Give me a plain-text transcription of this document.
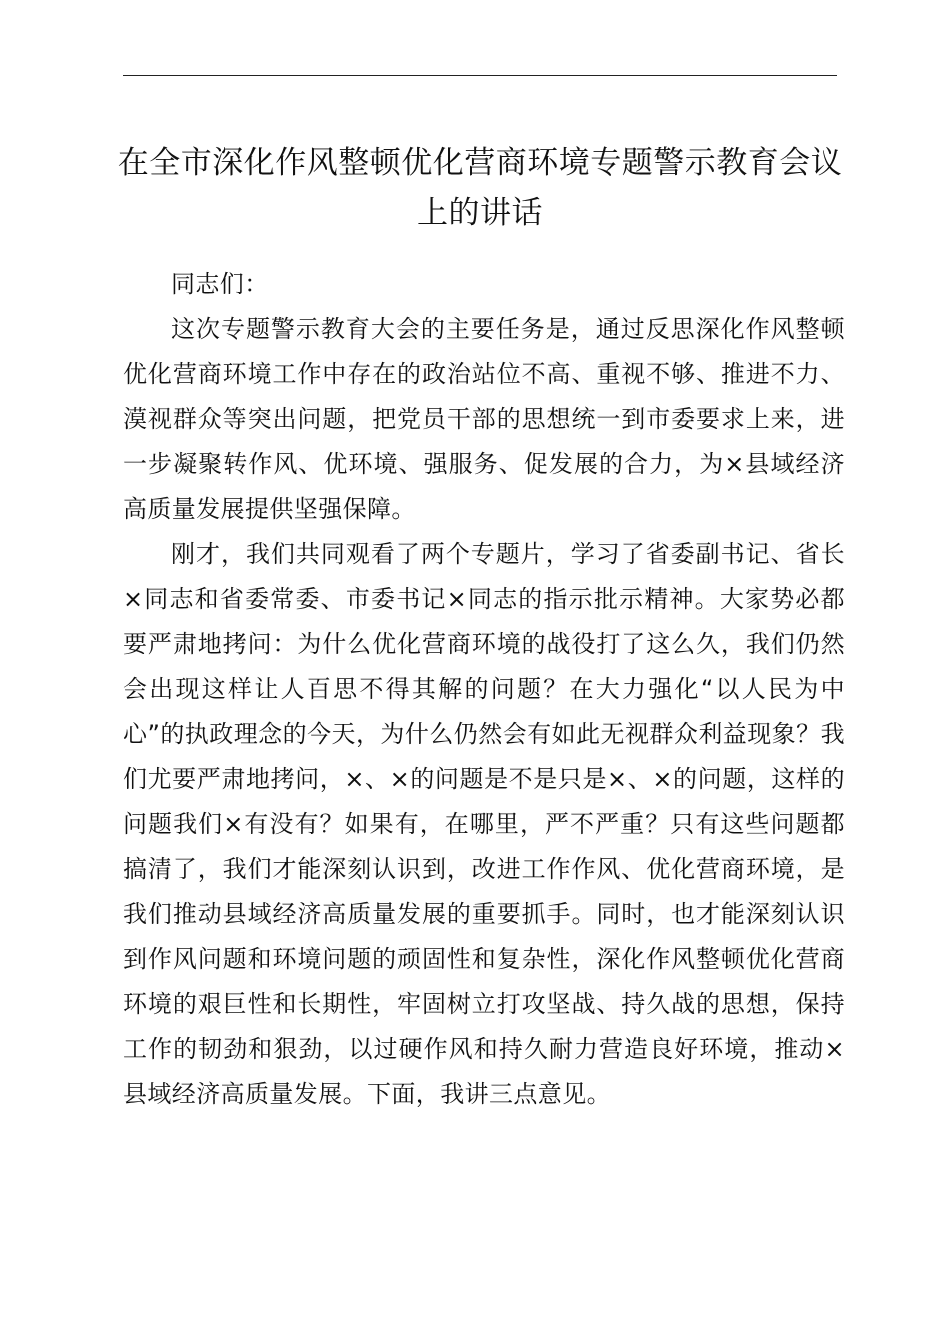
在全市深化作风整顿优化营商环境专题警示教育会议上的讲话

同志们：

这次专题警示教育大会的主要任务是，通过反思深化作风整顿优化营商环境工作中存在的政治站位不高、重视不够、推进不力、漠视群众等突出问题，把党员干部的思想统一到市委要求上来，进一步凝聚转作风、优环境、强服务、促发展的合力，为×县域经济高质量发展提供坚强保障。

刚才，我们共同观看了两个专题片，学习了省委副书记、省长×同志和省委常委、市委书记×同志的指示批示精神。大家势必都要严肃地拷问：为什么优化营商环境的战役打了这么久，我们仍然会出现这样让人百思不得其解的问题？在大力强化“以人民为中心”的执政理念的今天，为什么仍然会有如此无视群众利益现象？我们尤要严肃地拷问，×、×的问题是不是只是×、×的问题，这样的问题我们×有没有？如果有，在哪里，严不严重？只有这些问题都搞清了，我们才能深刻认识到，改进工作作风、优化营商环境，是我们推动县域经济高质量发展的重要抓手。同时，也才能深刻认识到作风问题和环境问题的顽固性和复杂性，深化作风整顿优化营商环境的艰巨性和长期性，牢固树立打攻坚战、持久战的思想，保持工作的韧劲和狠劲，以过硬作风和持久耐力营造良好环境，推动×县域经济高质量发展。下面，我讲三点意见。
